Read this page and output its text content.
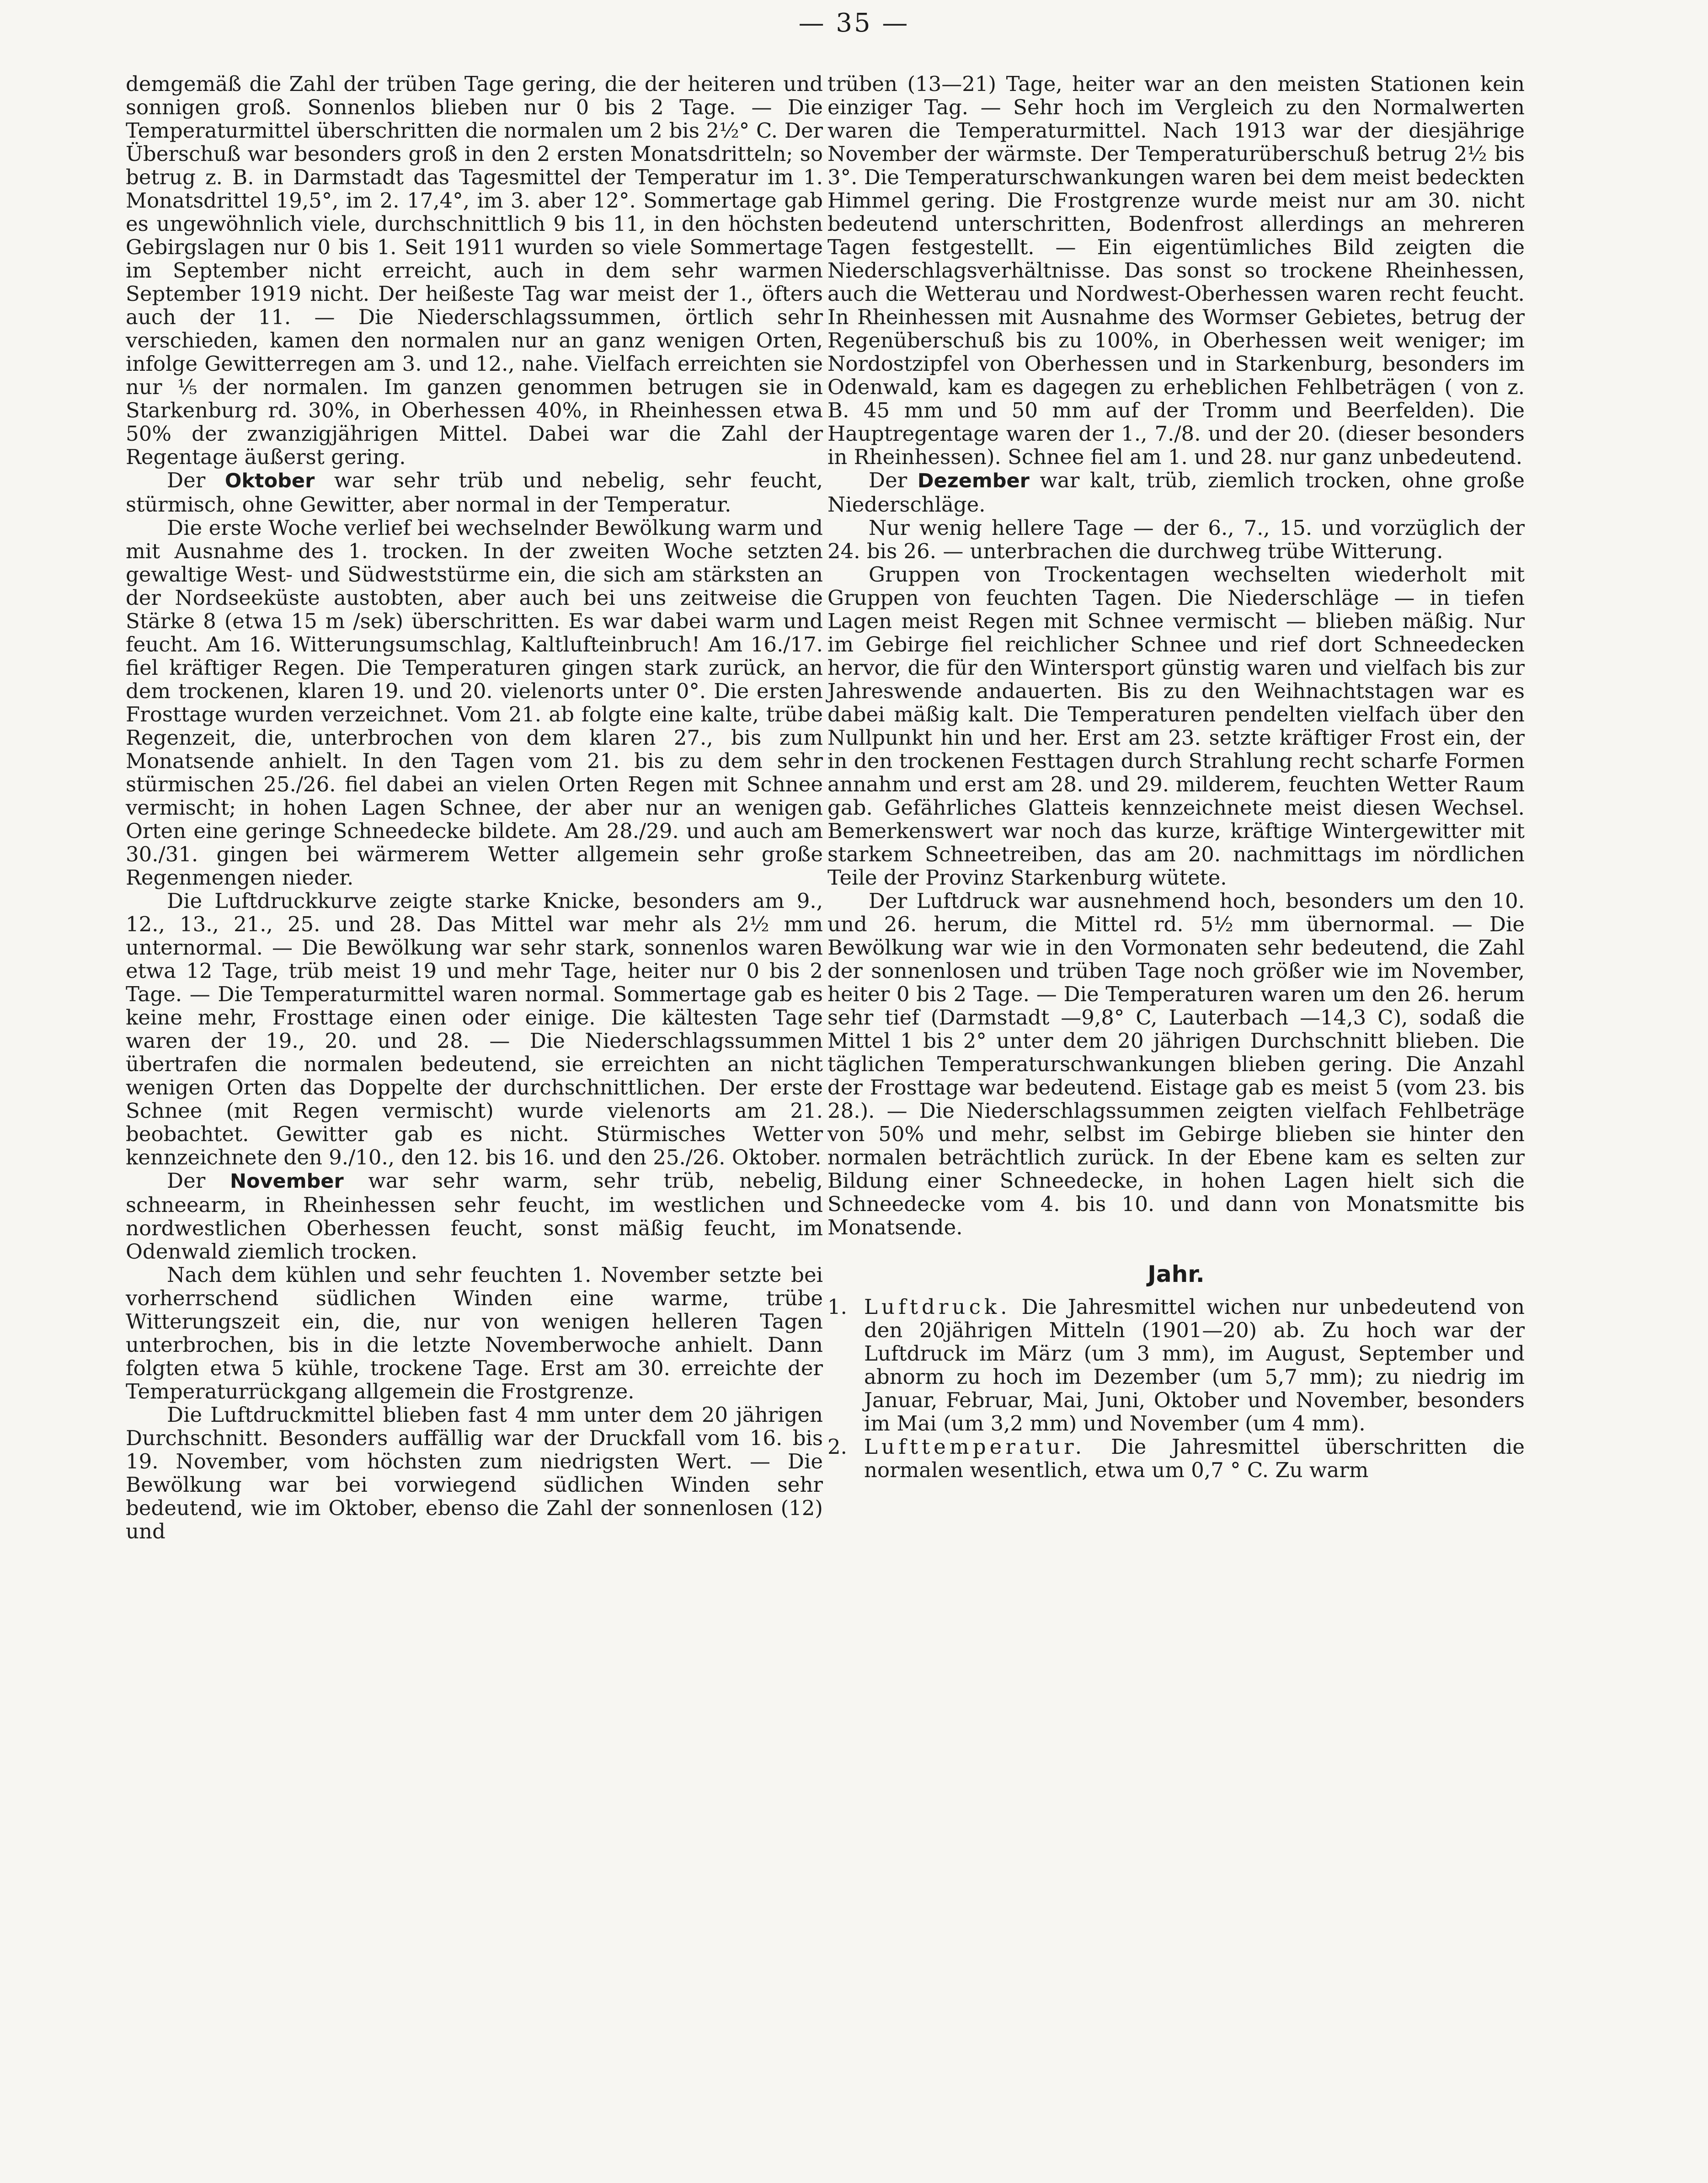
— 35 —

demgemäß die Zahl der trüben Tage gering, die der heiteren und sonnigen groß. Sonnenlos blieben nur 0 bis 2 Tage. — Die Temperaturmittel überschritten die normalen um 2 bis 2½° C. Der Überschuß war besonders groß in den 2 ersten Monatsdritteln; so betrug z. B. in Darmstadt das Tagesmittel der Temperatur im 1. Monatsdrittel 19,5°, im 2. 17,4°, im 3. aber 12°. Sommertage gab es ungewöhnlich viele, durchschnittlich 9 bis 11, in den höchsten Gebirgslagen nur 0 bis 1. Seit 1911 wurden so viele Sommertage im September nicht erreicht, auch in dem sehr warmen September 1919 nicht. Der heißeste Tag war meist der 1., öfters auch der 11. — Die Niederschlagssummen, örtlich sehr verschieden, kamen den normalen nur an ganz wenigen Orten, infolge Gewitterregen am 3. und 12., nahe. Vielfach erreichten sie nur ⅕ der normalen. Im ganzen genommen betrugen sie in Starkenburg rd. 30%, in Oberhessen 40%, in Rheinhessen etwa 50% der zwanzigjährigen Mittel. Dabei war die Zahl der Regentage äußerst gering.

Der Oktober war sehr trüb und nebelig, sehr feucht, stürmisch, ohne Gewitter, aber normal in der Temperatur.

Die erste Woche verlief bei wechselnder Bewölkung warm und mit Ausnahme des 1. trocken. In der zweiten Woche setzten gewaltige West- und Südweststürme ein, die sich am stärksten an der Nordseeküste austobten, aber auch bei uns zeitweise die Stärke 8 (etwa 15 m /sek) überschritten. Es war dabei warm und feucht. Am 16. Witterungsumschlag, Kaltlufteinbruch! Am 16./17. fiel kräftiger Regen. Die Temperaturen gingen stark zurück, an dem trockenen, klaren 19. und 20. vielenorts unter 0°. Die ersten Frosttage wurden verzeichnet. Vom 21. ab folgte eine kalte, trübe Regenzeit, die, unterbrochen von dem klaren 27., bis zum Monatsende anhielt. In den Tagen vom 21. bis zu dem sehr stürmischen 25./26. fiel dabei an vielen Orten Regen mit Schnee vermischt; in hohen Lagen Schnee, der aber nur an wenigen Orten eine geringe Schneedecke bildete. Am 28./29. und auch am 30./31. gingen bei wärmerem Wetter allgemein sehr große Regenmengen nieder.

Die Luftdruckkurve zeigte starke Knicke, besonders am 9., 12., 13., 21., 25. und 28. Das Mittel war mehr als 2½ mm unternormal. — Die Bewölkung war sehr stark, sonnenlos waren etwa 12 Tage, trüb meist 19 und mehr Tage, heiter nur 0 bis 2 Tage. — Die Temperaturmittel waren normal. Sommertage gab es keine mehr, Frosttage einen oder einige. Die kältesten Tage waren der 19., 20. und 28. — Die Niederschlagssummen übertrafen die normalen bedeutend, sie erreichten an nicht wenigen Orten das Doppelte der durchschnittlichen. Der erste Schnee (mit Regen vermischt) wurde vielenorts am 21. beobachtet. Gewitter gab es nicht. Stürmisches Wetter kennzeichnete den 9./10., den 12. bis 16. und den 25./26. Oktober.

Der November war sehr warm, sehr trüb, nebelig, schneearm, in Rheinhessen sehr feucht, im westlichen und nordwestlichen Oberhessen feucht, sonst mäßig feucht, im Odenwald ziemlich trocken.

Nach dem kühlen und sehr feuchten 1. November setzte bei vorherrschend südlichen Winden eine warme, trübe Witterungszeit ein, die, nur von wenigen helleren Tagen unterbrochen, bis in die letzte Novemberwoche anhielt. Dann folgten etwa 5 kühle, trockene Tage. Erst am 30. erreichte der Temperaturrückgang allgemein die Frostgrenze.

Die Luftdruckmittel blieben fast 4 mm unter dem 20 jährigen Durchschnitt. Besonders auffällig war der Druckfall vom 16. bis 19. November, vom höchsten zum niedrigsten Wert. — Die Bewölkung war bei vorwiegend südlichen Winden sehr bedeutend, wie im Oktober, ebenso die Zahl der sonnenlosen (12) und

trüben (13—21) Tage, heiter war an den meisten Stationen kein einziger Tag. — Sehr hoch im Vergleich zu den Normalwerten waren die Temperaturmittel. Nach 1913 war der diesjährige November der wärmste. Der Temperaturüberschuß betrug 2½ bis 3°. Die Temperaturschwankungen waren bei dem meist bedeckten Himmel gering. Die Frostgrenze wurde meist nur am 30. nicht bedeutend unterschritten, Bodenfrost allerdings an mehreren Tagen festgestellt. — Ein eigentümliches Bild zeigten die Niederschlagsverhältnisse. Das sonst so trockene Rheinhessen, auch die Wetterau und Nordwest-Oberhessen waren recht feucht. In Rheinhessen mit Ausnahme des Wormser Gebietes, betrug der Regenüberschuß bis zu 100%, in Oberhessen weit weniger; im Nordostzipfel von Oberhessen und in Starkenburg, besonders im Odenwald, kam es dagegen zu erheblichen Fehlbeträgen ( von z. B. 45 mm und 50 mm auf der Tromm und Beerfelden). Die Hauptregentage waren der 1., 7./8. und der 20. (dieser besonders in Rheinhessen). Schnee fiel am 1. und 28. nur ganz unbedeutend.

Der Dezember war kalt, trüb, ziemlich trocken, ohne große Niederschläge.

Nur wenig hellere Tage — der 6., 7., 15. und vorzüglich der 24. bis 26. — unterbrachen die durchweg trübe Witterung.

Gruppen von Trockentagen wechselten wiederholt mit Gruppen von feuchten Tagen. Die Niederschläge — in tiefen Lagen meist Regen mit Schnee vermischt — blieben mäßig. Nur im Gebirge fiel reichlicher Schnee und rief dort Schneedecken hervor, die für den Wintersport günstig waren und vielfach bis zur Jahreswende andauerten. Bis zu den Weihnachtstagen war es dabei mäßig kalt. Die Temperaturen pendelten vielfach über den Nullpunkt hin und her. Erst am 23. setzte kräftiger Frost ein, der in den trockenen Festtagen durch Strahlung recht scharfe Formen annahm und erst am 28. und 29. milderem, feuchten Wetter Raum gab. Gefährliches Glatteis kennzeichnete meist diesen Wechsel. Bemerkenswert war noch das kurze, kräftige Wintergewitter mit starkem Schneetreiben, das am 20. nachmittags im nördlichen Teile der Provinz Starkenburg wütete.

Der Luftdruck war ausnehmend hoch, besonders um den 10. und 26. herum, die Mittel rd. 5½ mm übernormal. — Die Bewölkung war wie in den Vormonaten sehr bedeutend, die Zahl der sonnenlosen und trüben Tage noch größer wie im November, heiter 0 bis 2 Tage. — Die Temperaturen waren um den 26. herum sehr tief (Darmstadt —9,8° C, Lauterbach —14,3 C), sodaß die Mittel 1 bis 2° unter dem 20 jährigen Durchschnitt blieben. Die täglichen Temperaturschwankungen blieben gering. Die Anzahl der Frosttage war bedeutend. Eistage gab es meist 5 (vom 23. bis 28.). — Die Niederschlagssummen zeigten vielfach Fehlbeträge von 50% und mehr, selbst im Gebirge blieben sie hinter den normalen beträchtlich zurück. In der Ebene kam es selten zur Bildung einer Schneedecke, in hohen Lagen hielt sich die Schneedecke vom 4. bis 10. und dann von Monatsmitte bis Monatsende.

Jahr.
1. Luftdruck. Die Jahresmittel wichen nur unbedeutend von den 20jährigen Mitteln (1901—20) ab. Zu hoch war der Luftdruck im März (um 3 mm), im August, September und abnorm zu hoch im Dezember (um 5,7 mm); zu niedrig im Januar, Februar, Mai, Juni, Oktober und November, besonders im Mai (um 3,2 mm) und November (um 4 mm).
2. Lufttemperatur. Die Jahresmittel überschritten die normalen wesentlich, etwa um 0,7 ° C. Zu warm
